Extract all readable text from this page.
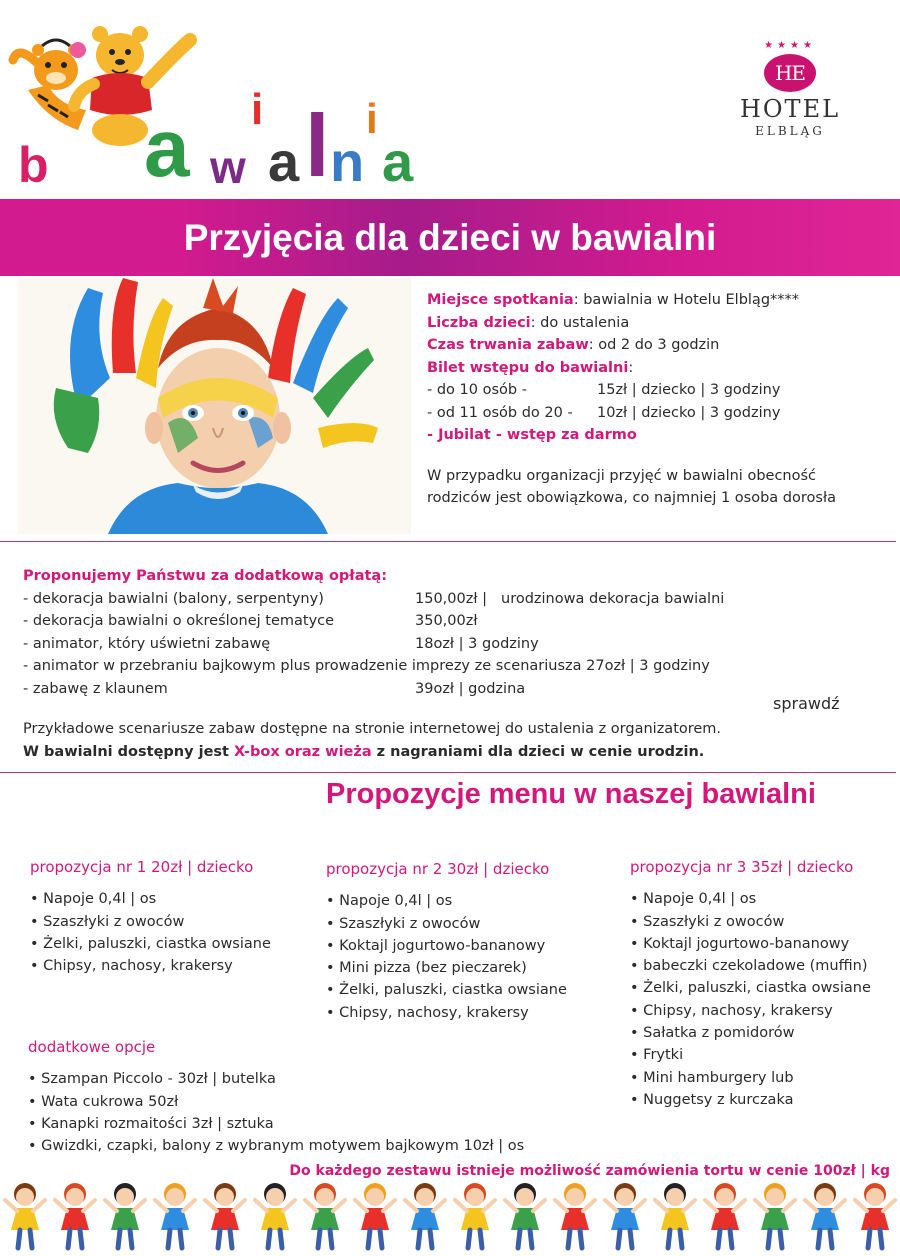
b a w
i
a l n
i
a
★★★★
HE
HOTEL
ELBLĄG
Przyjęcia dla dzieci w bawialni
Miejsce spotkania: bawialnia w Hotelu Elbląg****
Liczba dzieci: do ustalenia
Czas trwania zabaw: od 2 do 3 godzin
Bilet wstępu do bawialni:
- do 10 osób -	15zł | dziecko | 3 godziny
- od 11 osób do 20 -	10zł | dziecko | 3 godziny
- Jubilat - wstęp za darmo
W przypadku organizacji przyjęć w bawialni obecność
rodziców jest obowiązkowa, co najmniej 1 osoba dorosła
Proponujemy Państwu za dodatkową opłatą:
- dekoracja bawialni (balony, serpentyny)	150,00zł | urodzinowa dekoracja bawialni
- dekoracja bawialni o określonej tematyce	350,00zł
- animator, który uświetni zabawę	18ozł | 3 godziny
- animator w przebraniu bajkowym plus prowadzenie imprezy ze scenariusza 27ozł | 3 godziny
- zabawę z klaunem	39ozł | godzina
sprawdź
Przykładowe scenariusze zabaw dostępne na stronie internetowej do ustalenia z organizatorem.
W bawialni dostępny jest X-box oraz wieża z nagraniami dla dzieci w cenie urodzin.
Propozycje menu w naszej bawialni
propozycja nr 1 20zł | dziecko
• Napoje 0,4l | os
• Szaszłyki z owoców
• Żelki, paluszki, ciastka owsiane
• Chipsy, nachosy, krakersy
propozycja nr 2 30zł | dziecko
• Napoje 0,4l | os
• Szaszłyki z owoców
• Koktajl jogurtowo-bananowy
• Mini pizza (bez pieczarek)
• Żelki, paluszki, ciastka owsiane
• Chipsy, nachosy, krakersy
propozycja nr 3 35zł | dziecko
• Napoje 0,4l | os
• Szaszłyki z owoców
• Koktajl jogurtowo-bananowy
• babeczki czekoladowe (muffin)
• Żelki, paluszki, ciastka owsiane
• Chipsy, nachosy, krakersy
• Sałatka z pomidorów
• Frytki
• Mini hamburgery lub
• Nuggetsy z kurczaka
dodatkowe opcje
• Szampan Piccolo - 30zł | butelka
• Wata cukrowa 50zł
• Kanapki rozmaitości 3zł | sztuka
• Gwizdki, czapki, balony z wybranym motywem bajkowym 10zł | os
Do każdego zestawu istnieje możliwość zamówienia tortu w cenie 100zł | kg
